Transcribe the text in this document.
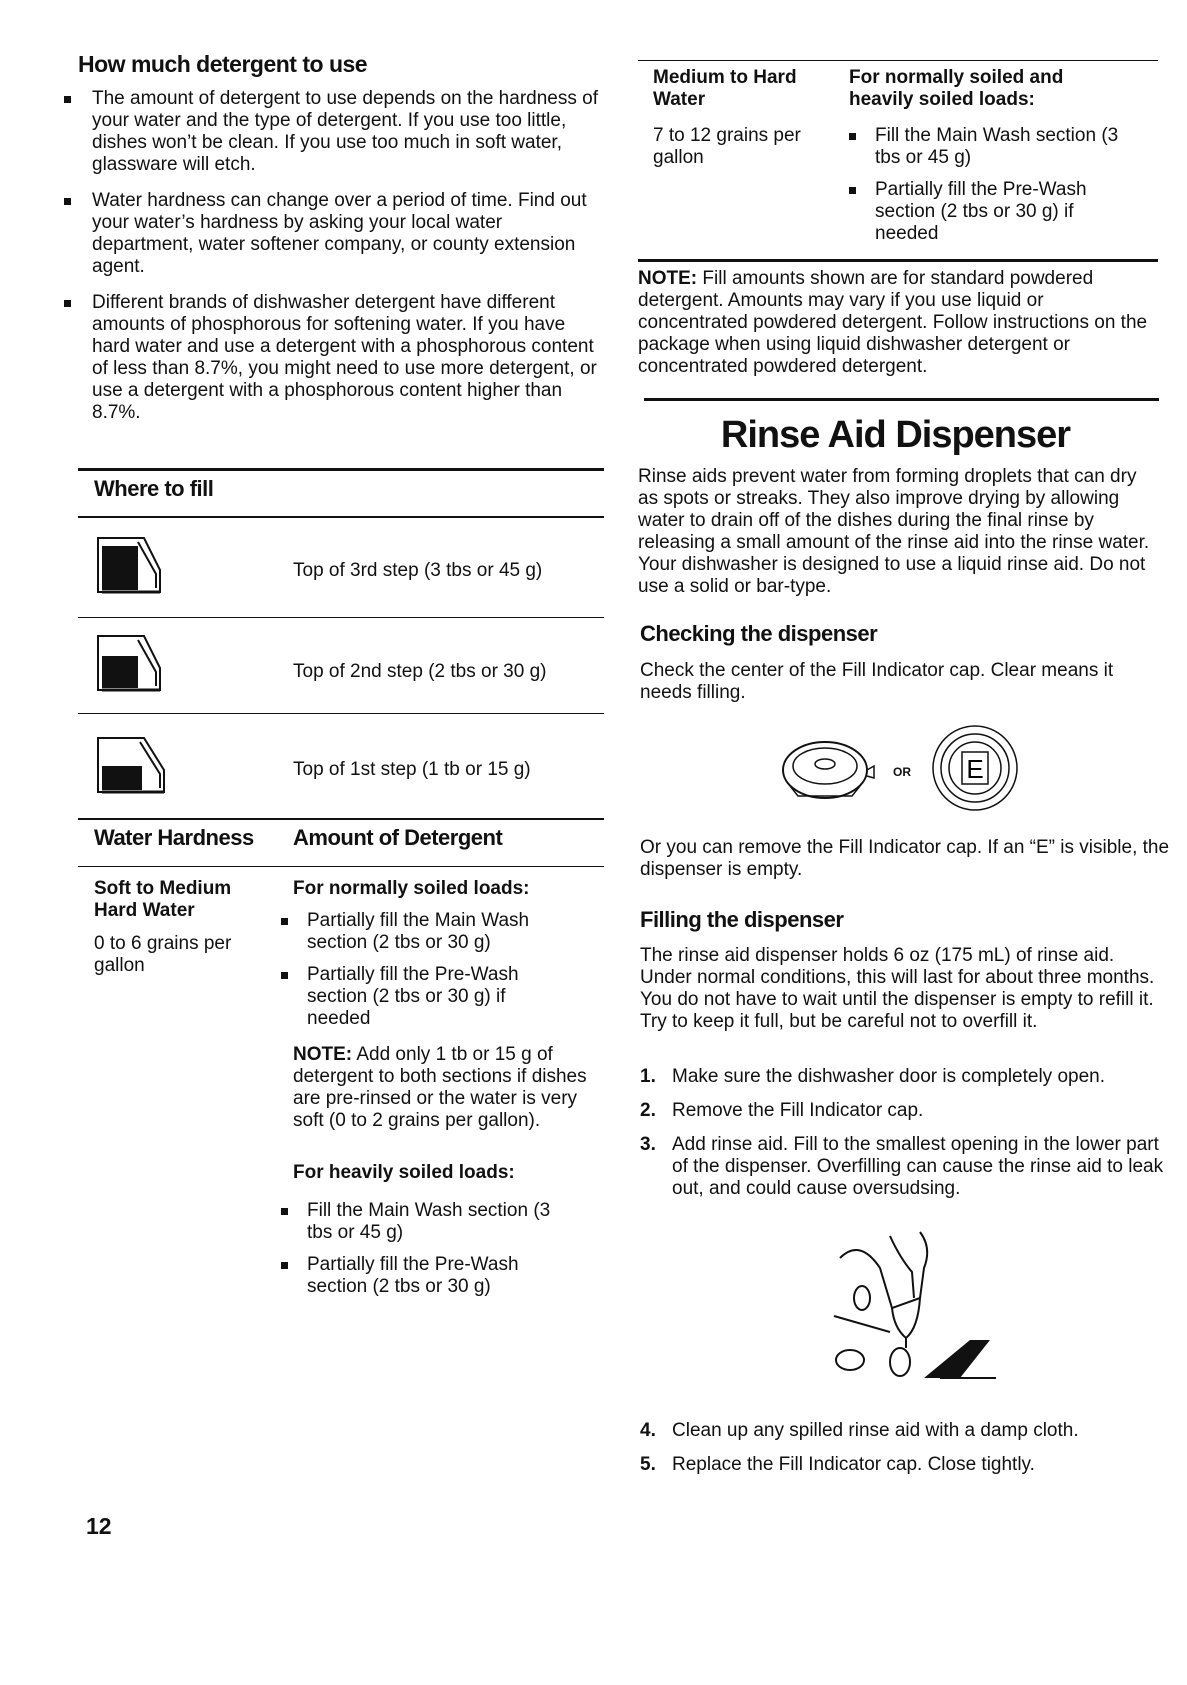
How much detergent to use
The amount of detergent to use depends on the hardness of your water and the type of detergent. If you use too little, dishes won’t be clean. If you use too much in soft water, glassware will etch.
Water hardness can change over a period of time. Find out your water’s hardness by asking your local water department, water softener company, or county extension agent.
Different brands of dishwasher detergent have different amounts of phosphorous for softening water. If you have hard water and use a detergent with a phosphorous content of less than 8.7%, you might need to use more detergent, or use a detergent with a phosphorous content higher than 8.7%.
Where to fill
Top of 3rd step (3 tbs or 45 g)
Top of 2nd step (2 tbs or 30 g)
Top of 1st step (1 tb or 15 g)
Water Hardness Amount of Detergent
Soft to Medium Hard Water
0 to 6 grains per gallon
For normally soiled loads:
Partially fill the Main Wash section (2 tbs or 30 g)
Partially fill the Pre-Wash section (2 tbs or 30 g) if needed
NOTE: Add only 1 tb or 15 g of detergent to both sections if dishes are pre-rinsed or the water is very soft (0 to 2 grains per gallon).
For heavily soiled loads:
Fill the Main Wash section (3 tbs or 45 g)
Partially fill the Pre-Wash section (2 tbs or 30 g)
12
Medium to Hard Water
7 to 12 grains per gallon
For normally soiled and heavily soiled loads:
Fill the Main Wash section (3 tbs or 45 g)
Partially fill the Pre-Wash section (2 tbs or 30 g) if needed
NOTE: Fill amounts shown are for standard powdered detergent. Amounts may vary if you use liquid or concentrated powdered detergent. Follow instructions on the package when using liquid dishwasher detergent or concentrated powdered detergent.
Rinse Aid Dispenser
Rinse aids prevent water from forming droplets that can dry as spots or streaks. They also improve drying by allowing water to drain off of the dishes during the final rinse by releasing a small amount of the rinse aid into the rinse water. Your dishwasher is designed to use a liquid rinse aid. Do not use a solid or bar-type.
Checking the dispenser
Check the center of the Fill Indicator cap. Clear means it needs filling.
OR E
Or you can remove the Fill Indicator cap. If an “E” is visible, the dispenser is empty.
Filling the dispenser
The rinse aid dispenser holds 6 oz (175 mL) of rinse aid. Under normal conditions, this will last for about three months. You do not have to wait until the dispenser is empty to refill it. Try to keep it full, but be careful not to overfill it.
1. Make sure the dishwasher door is completely open.
2. Remove the Fill Indicator cap.
3. Add rinse aid. Fill to the smallest opening in the lower part of the dispenser. Overfilling can cause the rinse aid to leak out, and could cause oversudsing.
4. Clean up any spilled rinse aid with a damp cloth.
5. Replace the Fill Indicator cap. Close tightly.
